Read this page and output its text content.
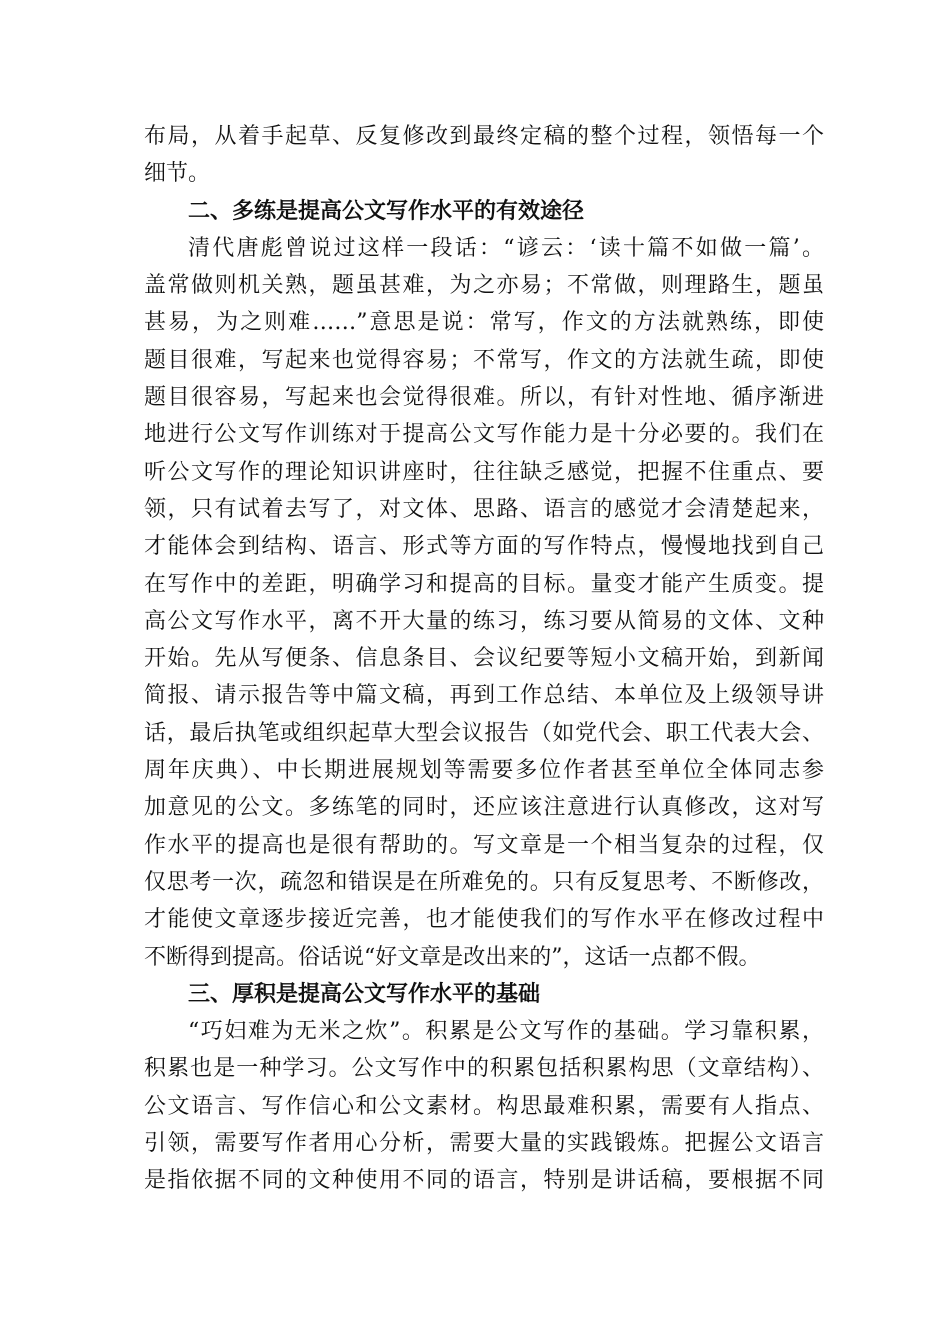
布局，从着手起草、反复修改到最终定稿的整个过程，领悟每一个
细节。
二、多练是提高公文写作水平的有效途径
清代唐彪曾说过这样一段话：“谚云：‘读十篇不如做一篇’。
盖常做则机关熟，题虽甚难，为之亦易；不常做，则理路生，题虽
甚易，为之则难……”意思是说：常写，作文的方法就熟练，即使
题目很难，写起来也觉得容易；不常写，作文的方法就生疏，即使
题目很容易，写起来也会觉得很难。所以，有针对性地、循序渐进
地进行公文写作训练对于提高公文写作能力是十分必要的。我们在
听公文写作的理论知识讲座时，往往缺乏感觉，把握不住重点、要
领，只有试着去写了，对文体、思路、语言的感觉才会清楚起来，
才能体会到结构、语言、形式等方面的写作特点，慢慢地找到自己
在写作中的差距，明确学习和提高的目标。量变才能产生质变。提
高公文写作水平，离不开大量的练习，练习要从简易的文体、文种
开始。先从写便条、信息条目、会议纪要等短小文稿开始，到新闻
简报、请示报告等中篇文稿，再到工作总结、本单位及上级领导讲
话，最后执笔或组织起草大型会议报告（如党代会、职工代表大会、
周年庆典）、中长期进展规划等需要多位作者甚至单位全体同志参
加意见的公文。多练笔的同时，还应该注意进行认真修改，这对写
作水平的提高也是很有帮助的。写文章是一个相当复杂的过程，仅
仅思考一次，疏忽和错误是在所难免的。只有反复思考、不断修改，
才能使文章逐步接近完善，也才能使我们的写作水平在修改过程中
不断得到提高。俗话说“好文章是改出来的”，这话一点都不假。
三、厚积是提高公文写作水平的基础
“巧妇难为无米之炊”。积累是公文写作的基础。学习靠积累，
积累也是一种学习。公文写作中的积累包括积累构思（文章结构）、
公文语言、写作信心和公文素材。构思最难积累，需要有人指点、
引领，需要写作者用心分析，需要大量的实践锻炼。把握公文语言
是指依据不同的文种使用不同的语言，特别是讲话稿，要根据不同
